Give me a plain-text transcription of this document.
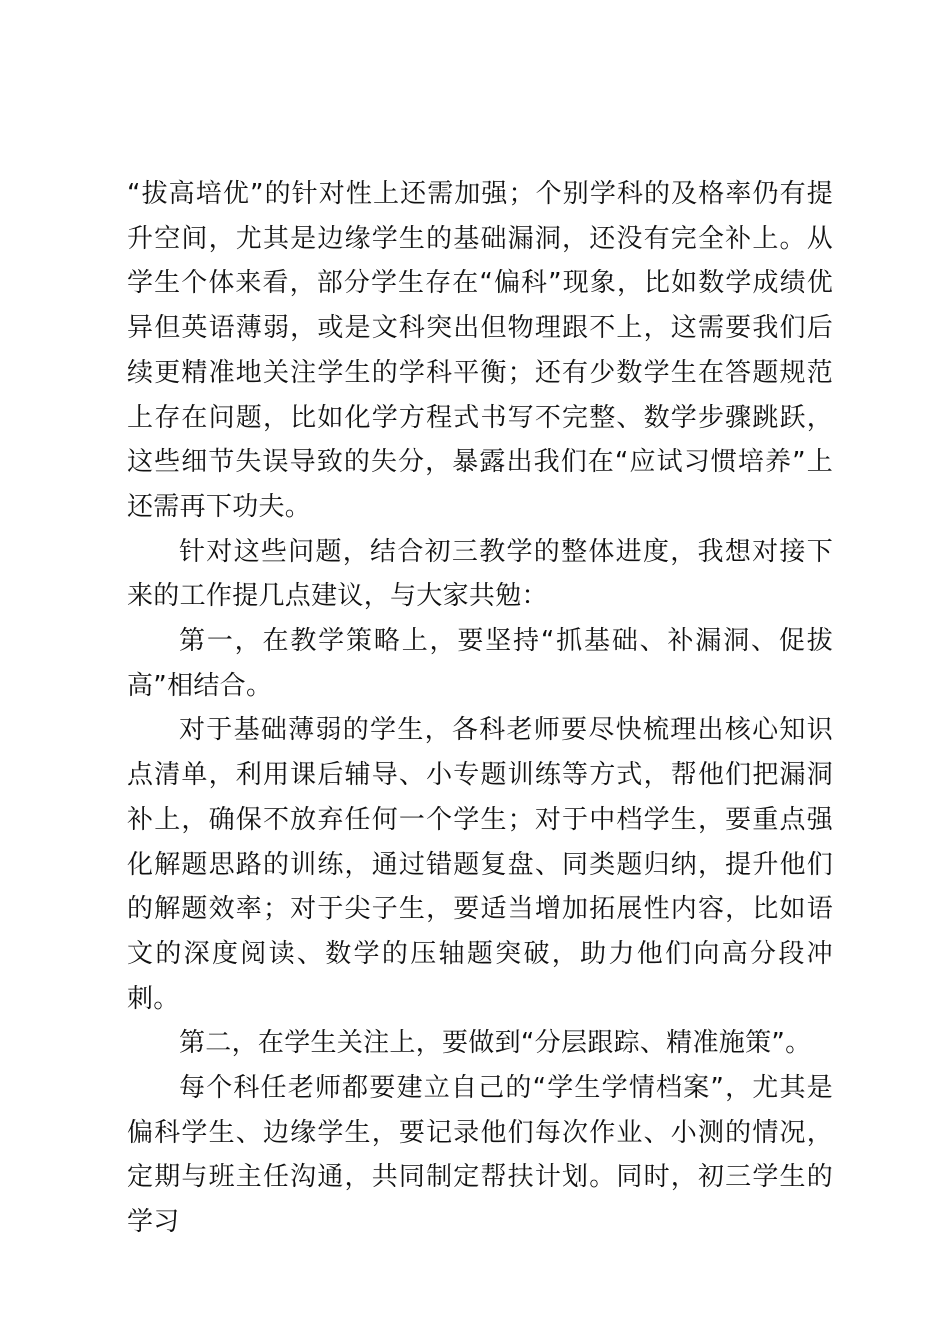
“拔高培优”的针对性上还需加强；个别学科的及格率仍有提升空间，尤其是边缘学生的基础漏洞，还没有完全补上。从学生个体来看，部分学生存在“偏科”现象，比如数学成绩优异但英语薄弱，或是文科突出但物理跟不上，这需要我们后续更精准地关注学生的学科平衡；还有少数学生在答题规范上存在问题，比如化学方程式书写不完整、数学步骤跳跃，这些细节失误导致的失分，暴露出我们在“应试习惯培养”上还需再下功夫。

针对这些问题，结合初三教学的整体进度，我想对接下来的工作提几点建议，与大家共勉：

第一，在教学策略上，要坚持“抓基础、补漏洞、促拔高”相结合。

对于基础薄弱的学生，各科老师要尽快梳理出核心知识点清单，利用课后辅导、小专题训练等方式，帮他们把漏洞补上，确保不放弃任何一个学生；对于中档学生，要重点强化解题思路的训练，通过错题复盘、同类题归纳，提升他们的解题效率；对于尖子生，要适当增加拓展性内容，比如语文的深度阅读、数学的压轴题突破，助力他们向高分段冲刺。

第二，在学生关注上，要做到“分层跟踪、精准施策”。

每个科任老师都要建立自己的“学生学情档案”，尤其是偏科学生、边缘学生，要记录他们每次作业、小测的情况，定期与班主任沟通，共同制定帮扶计划。同时，初三学生的学习
